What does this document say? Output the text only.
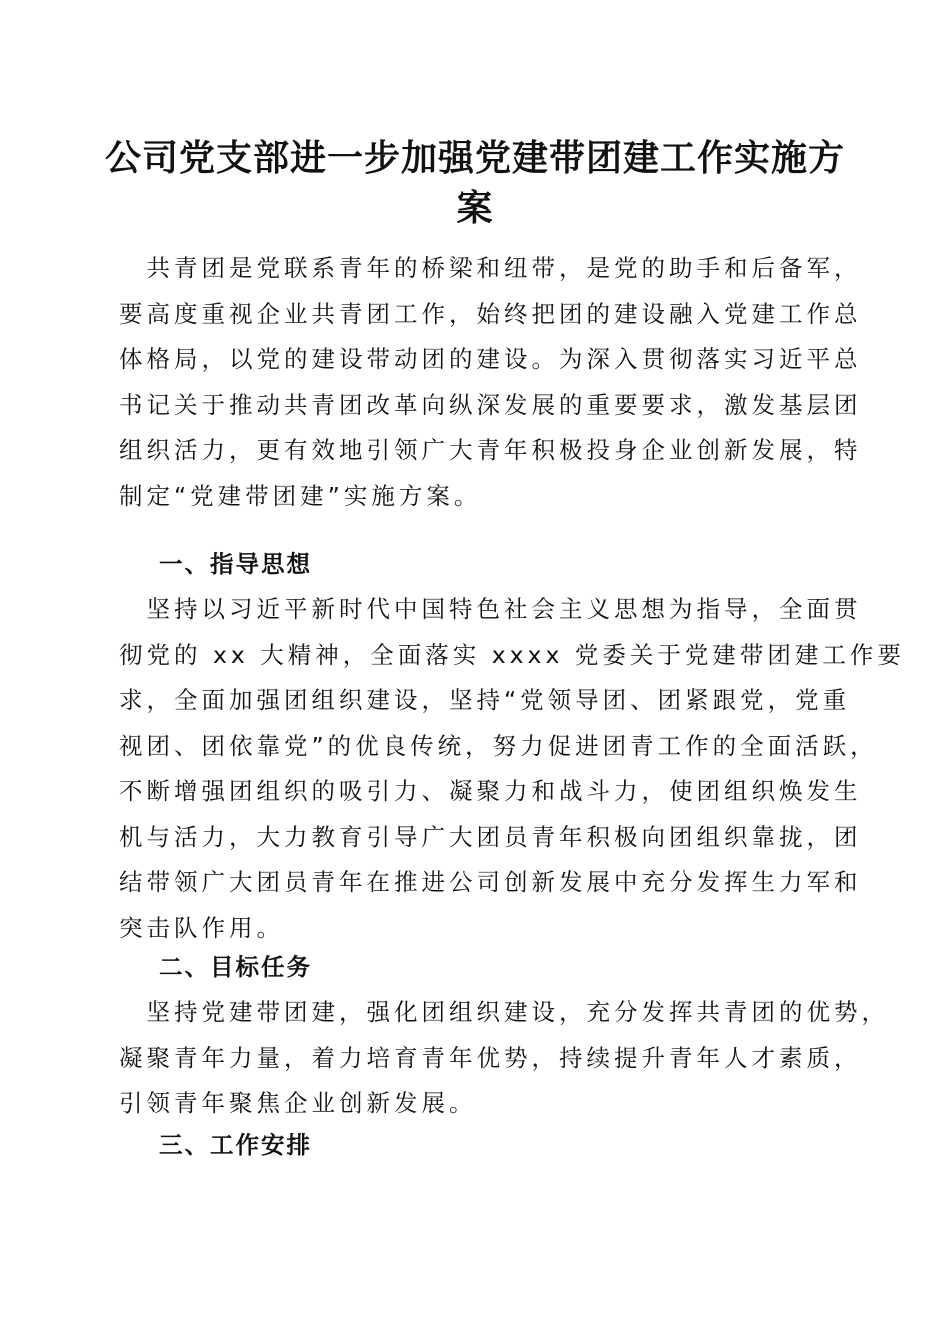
公司党支部进一步加强党建带团建工作实施方
案

　共青团是党联系青年的桥梁和纽带，是党的助手和后备军，
要高度重视企业共青团工作，始终把团的建设融入党建工作总
体格局，以党的建设带动团的建设。为深入贯彻落实习近平总
书记关于推动共青团改革向纵深发展的重要要求，激发基层团
组织活力，更有效地引领广大青年积极投身企业创新发展，特
制定“党建带团建”实施方案。

一、指导思想

　坚持以习近平新时代中国特色社会主义思想为指导，全面贯
彻党的 xx 大精神，全面落实 xxxx 党委关于党建带团建工作要
求，全面加强团组织建设，坚持“党领导团、团紧跟党，党重
视团、团依靠党”的优良传统，努力促进团青工作的全面活跃，
不断增强团组织的吸引力、凝聚力和战斗力，使团组织焕发生
机与活力，大力教育引导广大团员青年积极向团组织靠拢，团
结带领广大团员青年在推进公司创新发展中充分发挥生力军和
突击队作用。

二、目标任务

　坚持党建带团建，强化团组织建设，充分发挥共青团的优势，
凝聚青年力量，着力培育青年优势，持续提升青年人才素质，
引领青年聚焦企业创新发展。

三、工作安排
